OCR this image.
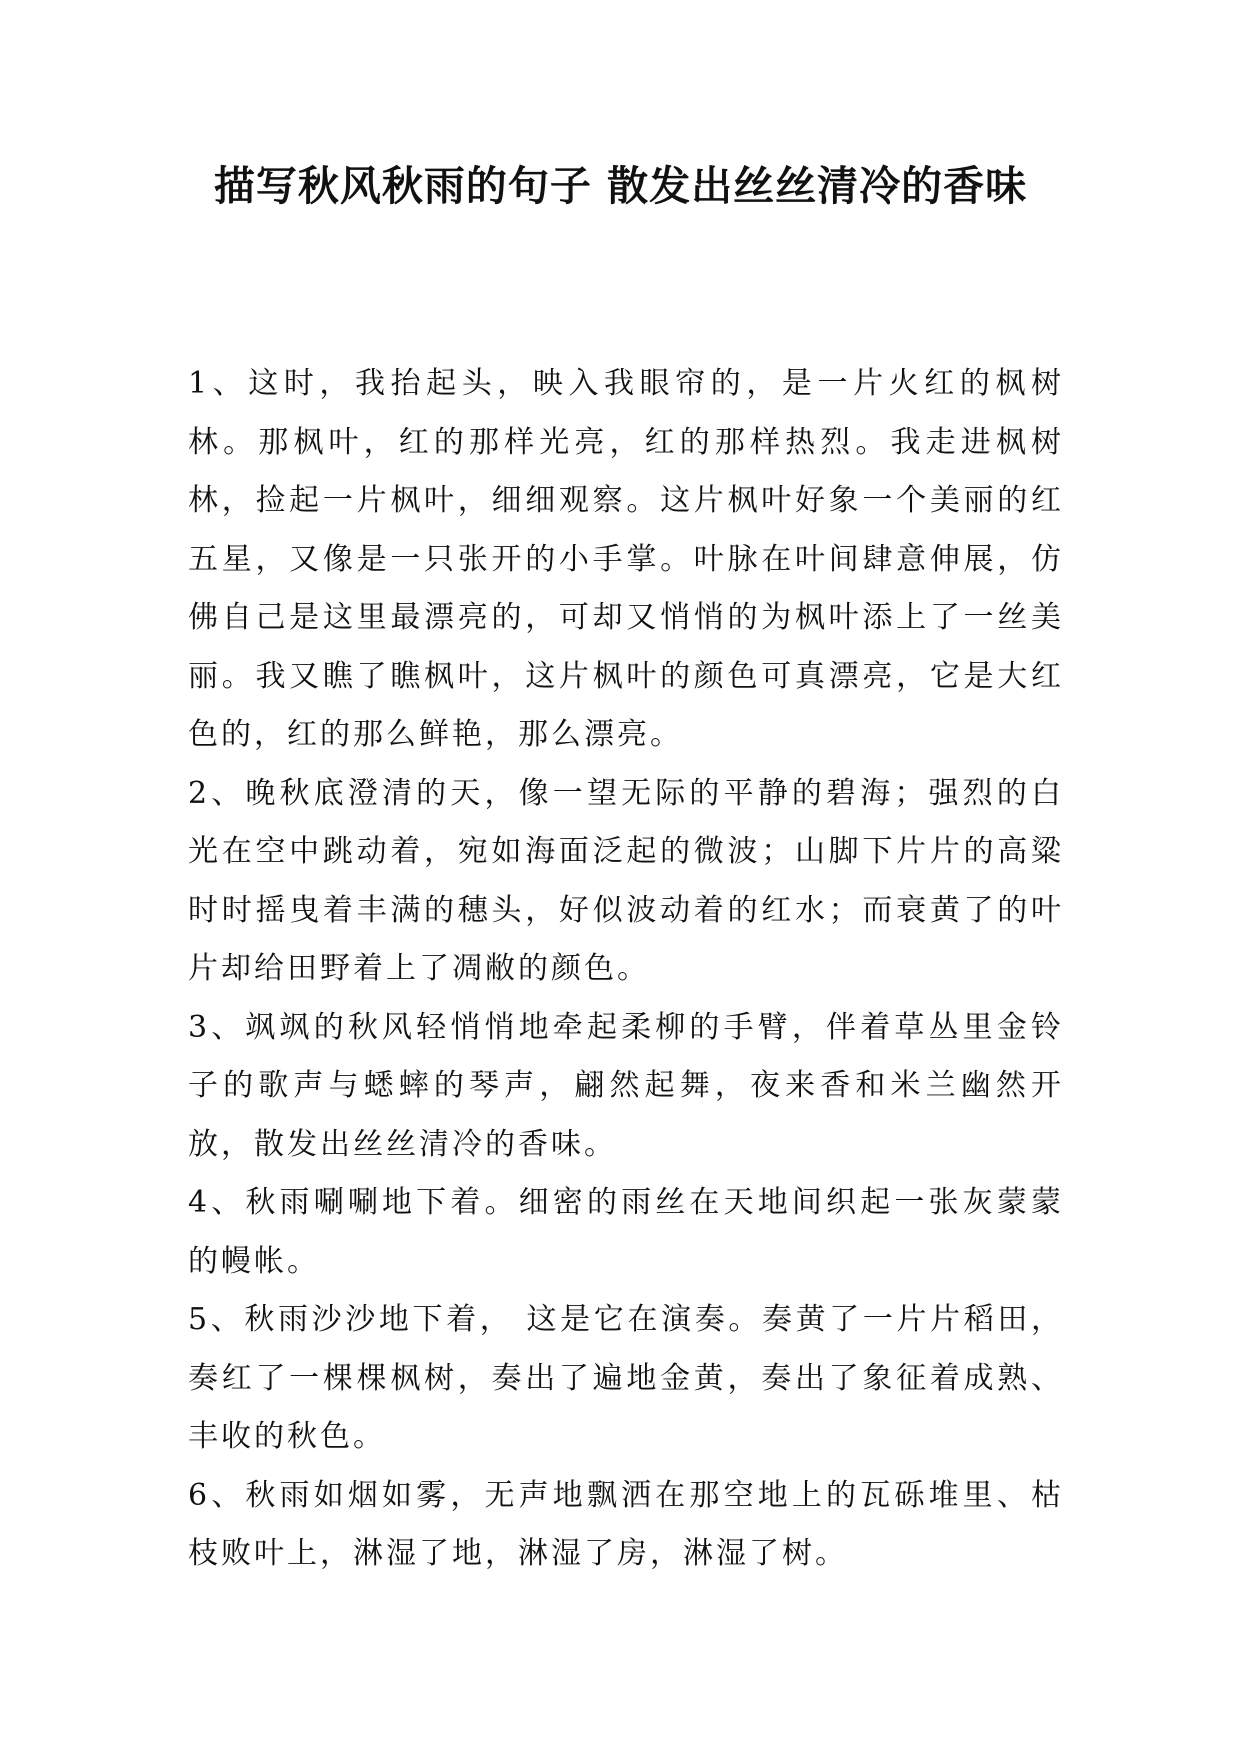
描写秋风秋雨的句子 散发出丝丝清冷的香味

1、这时，我抬起头，映入我眼帘的，是一片火红的枫树林。那枫叶，红的那样光亮，红的那样热烈。我走进枫树林，捡起一片枫叶，细细观察。这片枫叶好象一个美丽的红五星，又像是一只张开的小手掌。叶脉在叶间肆意伸展，仿佛自己是这里最漂亮的，可却又悄悄的为枫叶添上了一丝美丽。我又瞧了瞧枫叶，这片枫叶的颜色可真漂亮，它是大红色的，红的那么鲜艳，那么漂亮。

2、晚秋底澄清的天，像一望无际的平静的碧海；强烈的白光在空中跳动着，宛如海面泛起的微波；山脚下片片的高粱时时摇曳着丰满的穗头，好似波动着的红水；而衰黄了的叶片却给田野着上了凋敝的颜色。

3、飒飒的秋风轻悄悄地牵起柔柳的手臂，伴着草丛里金铃子的歌声与蟋蟀的琴声，翩然起舞，夜来香和米兰幽然开放，散发出丝丝清冷的香味。

4、秋雨唰唰地下着。细密的雨丝在天地间织起一张灰蒙蒙的幔帐。

5、秋雨沙沙地下着， 这是它在演奏。奏黄了一片片稻田，奏红了一棵棵枫树，奏出了遍地金黄，奏出了象征着成熟、丰收的秋色。

6、秋雨如烟如雾，无声地飘洒在那空地上的瓦砾堆里、枯枝败叶上，淋湿了地，淋湿了房，淋湿了树。
